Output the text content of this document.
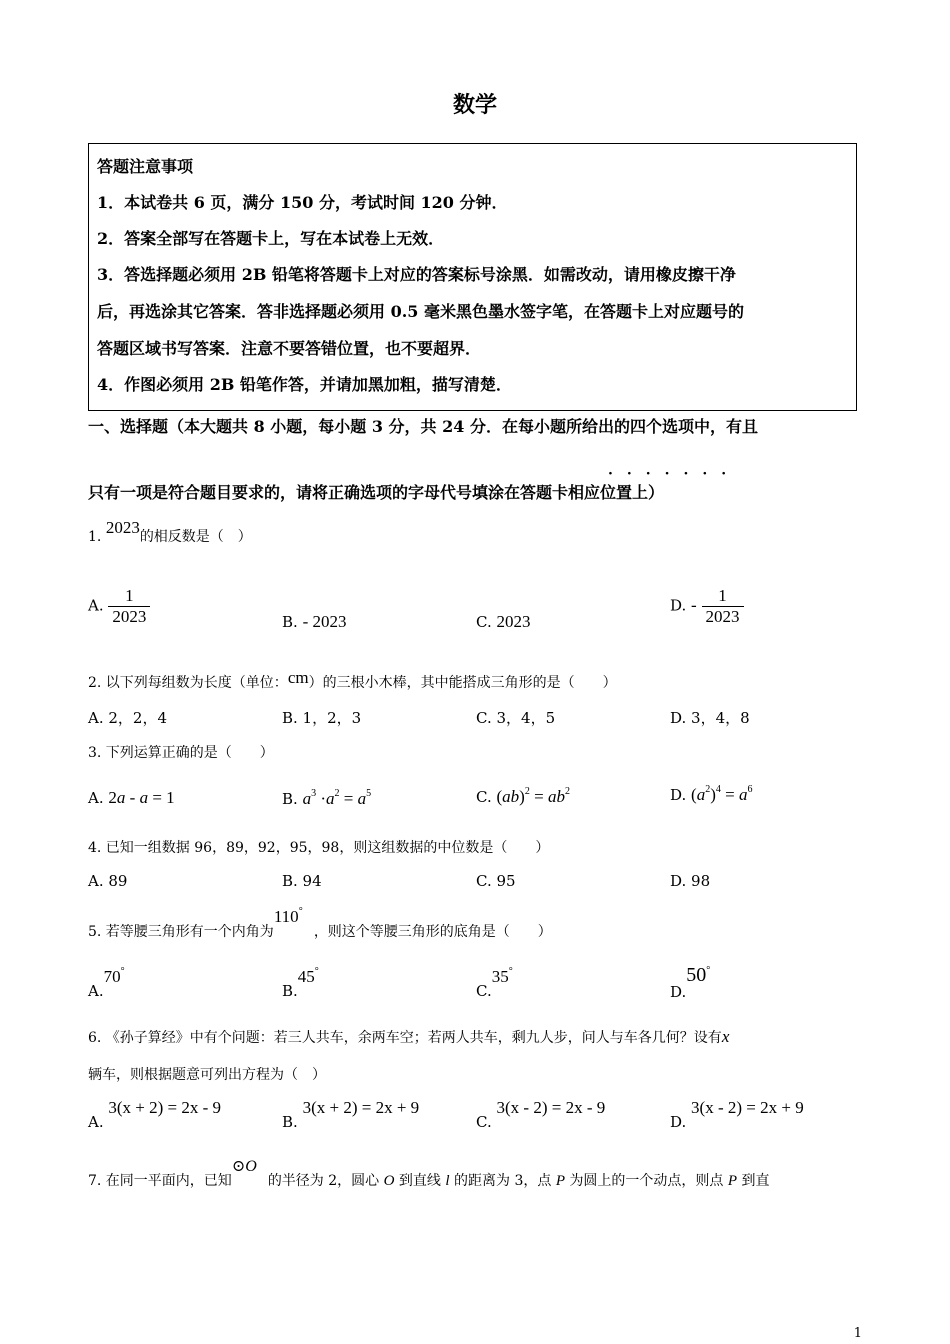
数学
答题注意事项
1．本试卷共 6 页，满分 150 分，考试时间 120 分钟．
2．答案全部写在答题卡上，写在本试卷上无效．
3．答选择题必须用 2B 铅笔将答题卡上对应的答案标号涂黑．如需改动，请用橡皮擦干净
后，再选涂其它答案．答非选择题必须用 0.5 毫米黑色墨水签字笔，在答题卡上对应题号的
答题区域书写答案．注意不要答错位置，也不要超界．
4．作图必须用 2B 铅笔作答，并请加黑加粗，描写清楚．
一、选择题（本大题共 8 小题，每小题 3 分，共 24 分．在每小题所给出的四个选项中，有且
·······
只有一项是符合题目要求的，请将正确选项的字母代号填涂在答题卡相应位置上）
1. 2023的相反数是（　）
A. $\frac{1}{2023}$	B. - 2023	C. 2023
D. - $\frac{1}{2023}$
2. 以下列每组数为长度（单位：cm）的三根小木棒，其中能搭成三角形的是（　　）
A. 2，2，4	B. 1，2，3	C. 3，4，5	D. 3，4，8
3. 下列运算正确的是（　　）
A. 2a - a = 1	B. $a^3 \cdot a^2 = a^5$	C. $(ab)^2 = ab^2$	D. $(a^2)^4 = a^6$
4. 已知一组数据 96，89，92，95，98，则这组数据的中位数是（　　）
A. 89	B. 94	C. 95	D. 98
5. 若等腰三角形有一个内角为110°，则这个等腰三角形的底角是（　　）
A.70°
B.45°
C.35°
D.50°
6. 《孙子算经》中有个问题：若三人共车，余两车空；若两人共车，剩九人步，问人与车各几何？设有x
辆车，则根据题意可列出方程为（　）
A. 3(x + 2) = 2x - 9
B. 3(x + 2) = 2x + 9
C. 3(x - 2) = 2x - 9
D. 3(x - 2) = 2x + 9
7. 在同一平面内，已知⊙O的半径为 2，圆心 O 到直线 l 的距离为 3，点 P 为圆上的一个动点，则点 P 到直
1
